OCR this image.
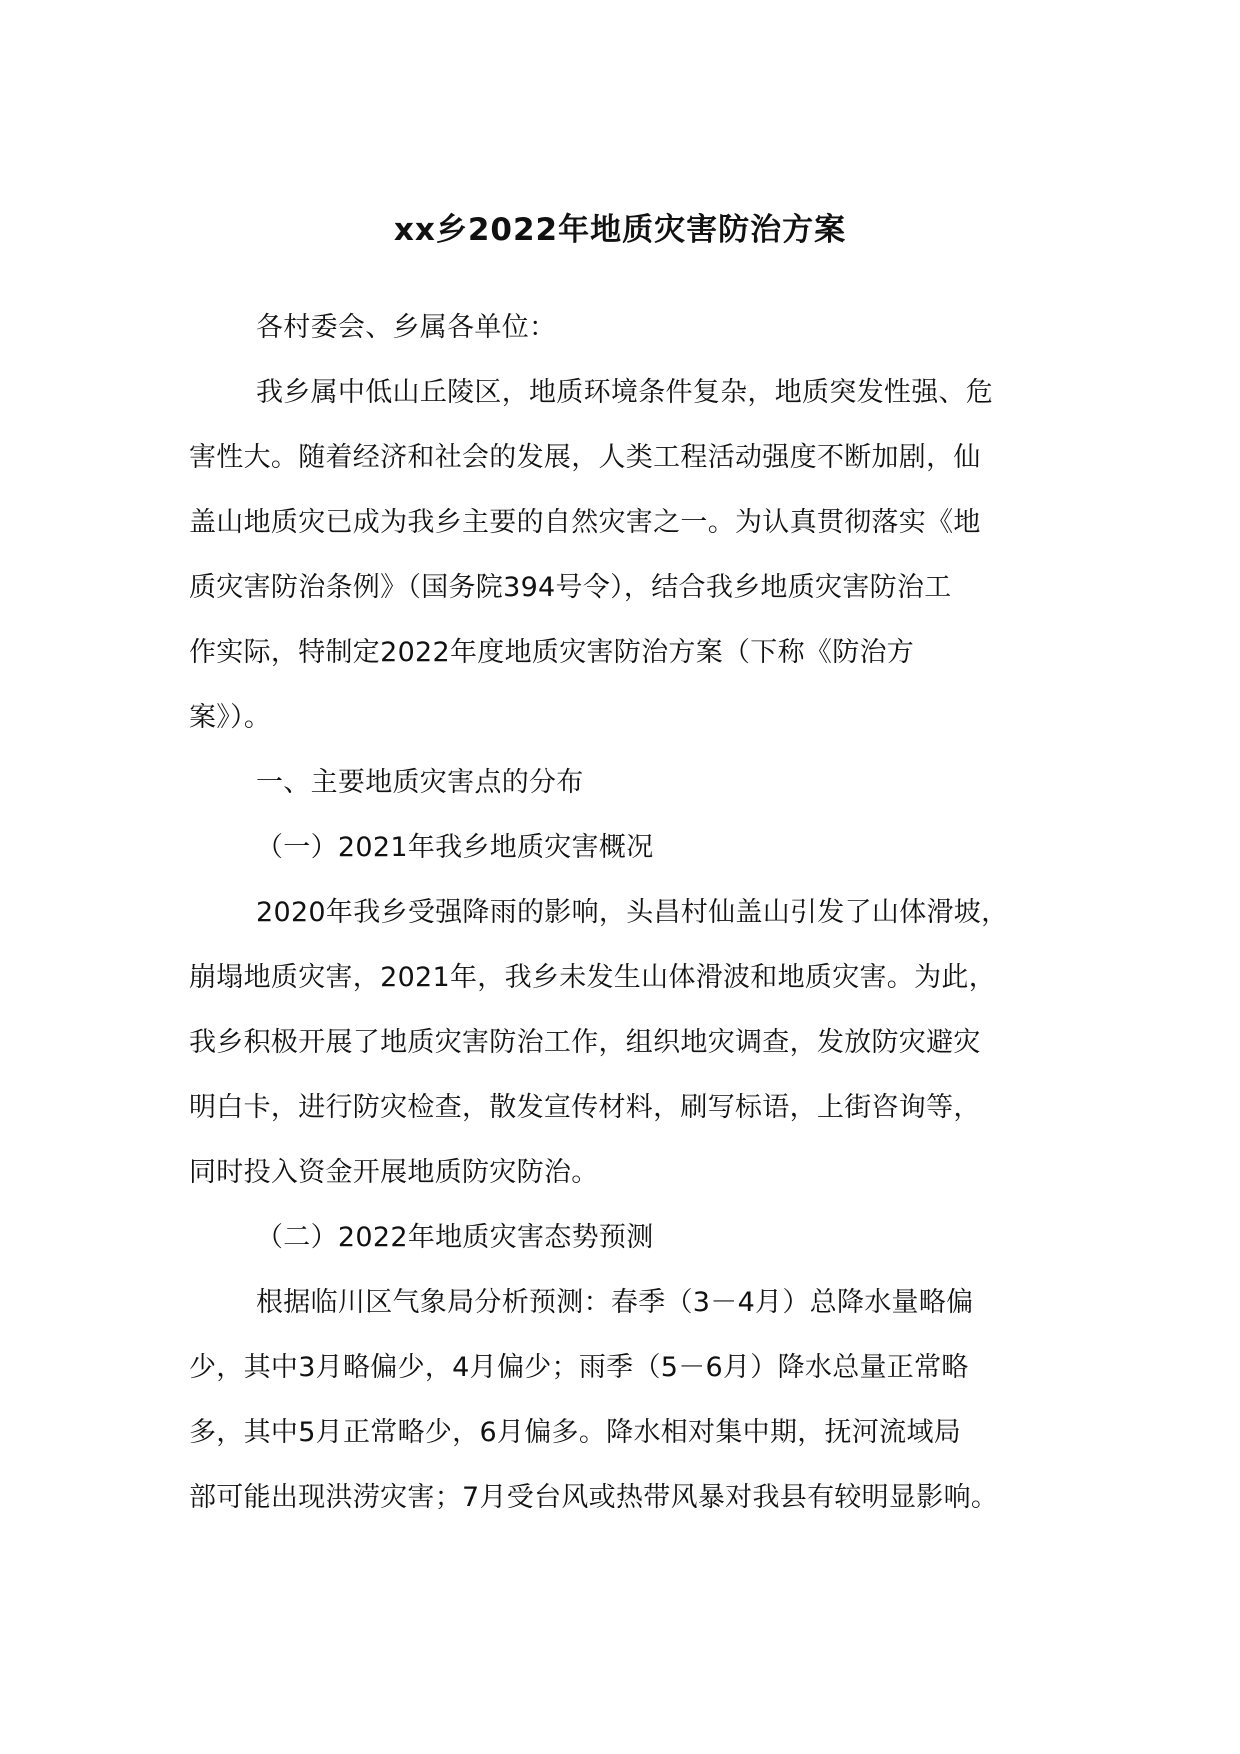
xx乡2022年地质灾害防治方案
各村委会、乡属各单位：
我乡属中低山丘陵区，地质环境条件复杂，地质突发性强、危
害性大。随着经济和社会的发展，人类工程活动强度不断加剧，仙
盖山地质灾已成为我乡主要的自然灾害之一。为认真贯彻落实《地
质灾害防治条例》（国务院394号令），结合我乡地质灾害防治工
作实际，特制定2022年度地质灾害防治方案（下称《防治方
案》）。
一、主要地质灾害点的分布
（一）2021年我乡地质灾害概况
2020年我乡受强降雨的影响，头昌村仙盖山引发了山体滑坡，
崩塌地质灾害，2021年，我乡未发生山体滑波和地质灾害。为此，
我乡积极开展了地质灾害防治工作，组织地灾调查，发放防灾避灾
明白卡，进行防灾检查，散发宣传材料，刷写标语，上街咨询等，
同时投入资金开展地质防灾防治。
（二）2022年地质灾害态势预测
根据临川区气象局分析预测：春季（3－4月）总降水量略偏
少，其中3月略偏少，4月偏少；雨季（5－6月）降水总量正常略
多，其中5月正常略少，6月偏多。降水相对集中期，抚河流域局
部可能出现洪涝灾害；7月受台风或热带风暴对我县有较明显影响。
